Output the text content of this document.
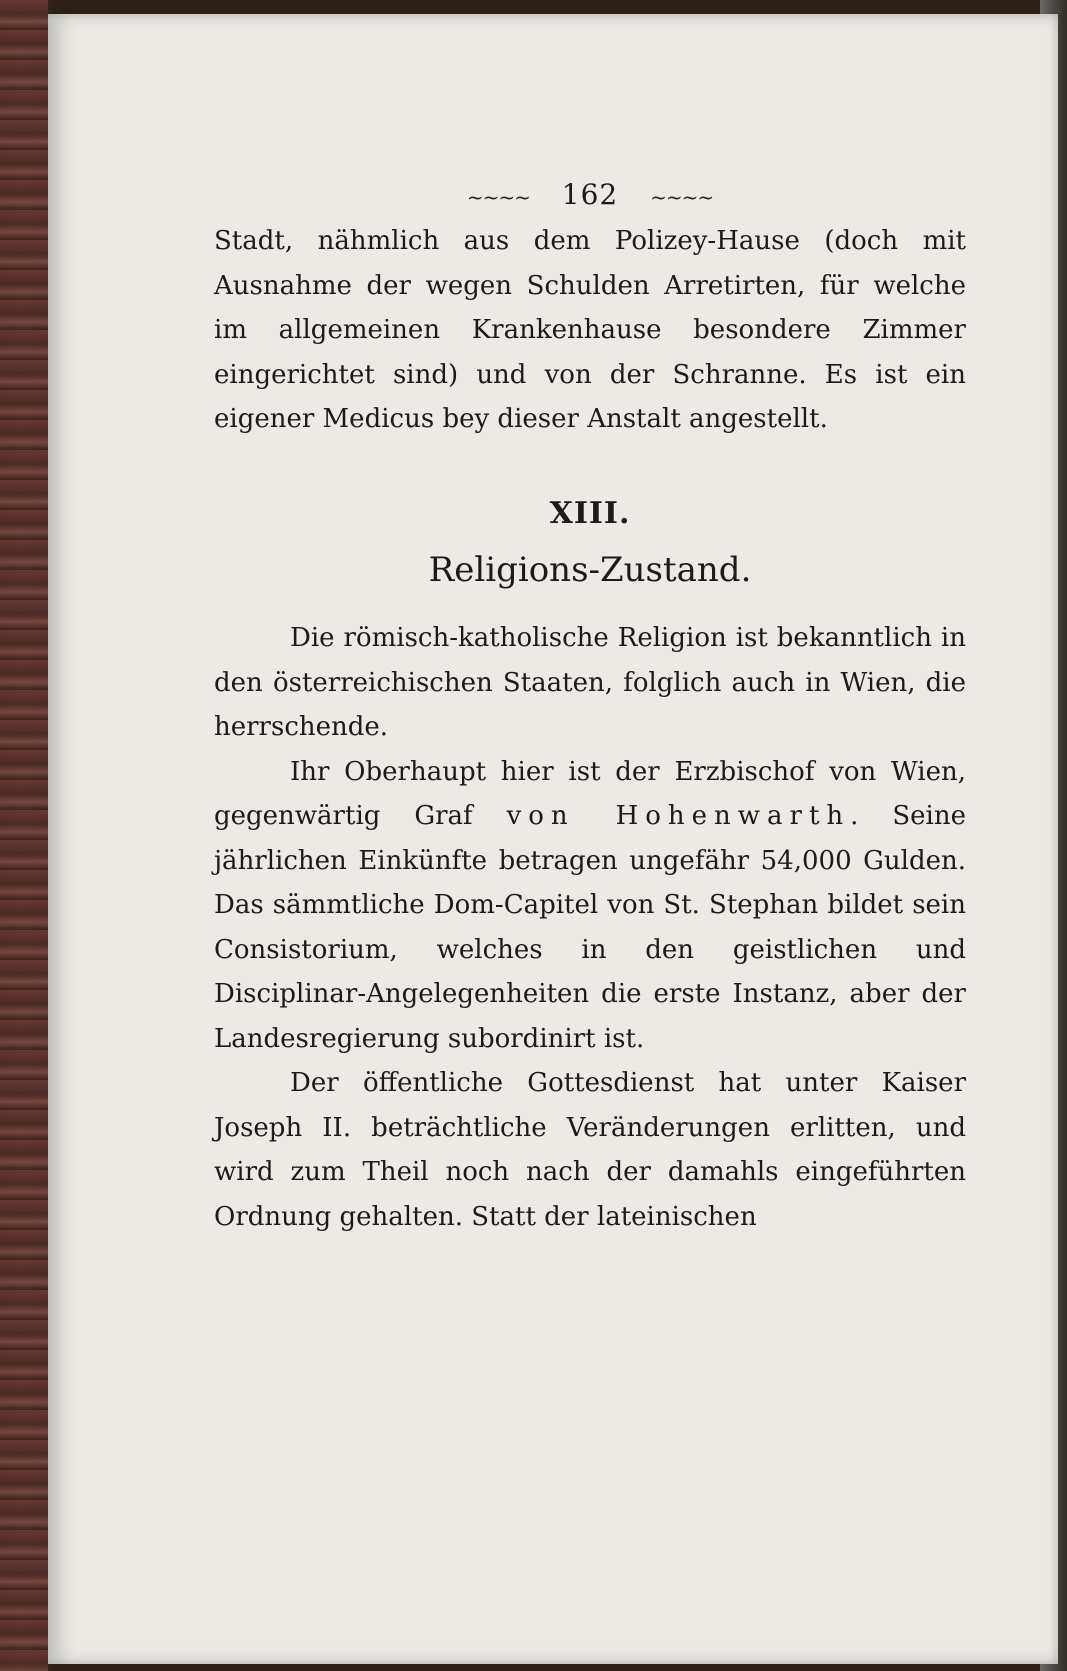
~~~~ 162 ~~~~

Stadt, nähmlich aus dem Polizey-Hause (doch mit Ausnahme der wegen Schulden Arretirten, für welche im allgemeinen Krankenhause besondere Zimmer eingerichtet sind) und von der Schranne. Es ist ein eigener Medicus bey dieser Anstalt angestellt.

XIII.
Religions-Zustand.

Die römisch-katholische Religion ist bekanntlich in den österreichischen Staaten, folglich auch in Wien, die herrschende.

Ihr Oberhaupt hier ist der Erzbischof von Wien, gegenwärtig Graf von Hohenwarth. Seine jährlichen Einkünfte betragen ungefähr 54,000 Gulden. Das sämmtliche Dom-Capitel von St. Stephan bildet sein Consistorium, welches in den geistlichen und Disciplinar-Angelegenheiten die erste Instanz, aber der Landesregierung subordinirt ist.

Der öffentliche Gottesdienst hat unter Kaiser Joseph II. beträchtliche Veränderungen erlitten, und wird zum Theil noch nach der damahls eingeführten Ordnung gehalten. Statt der lateinischen
